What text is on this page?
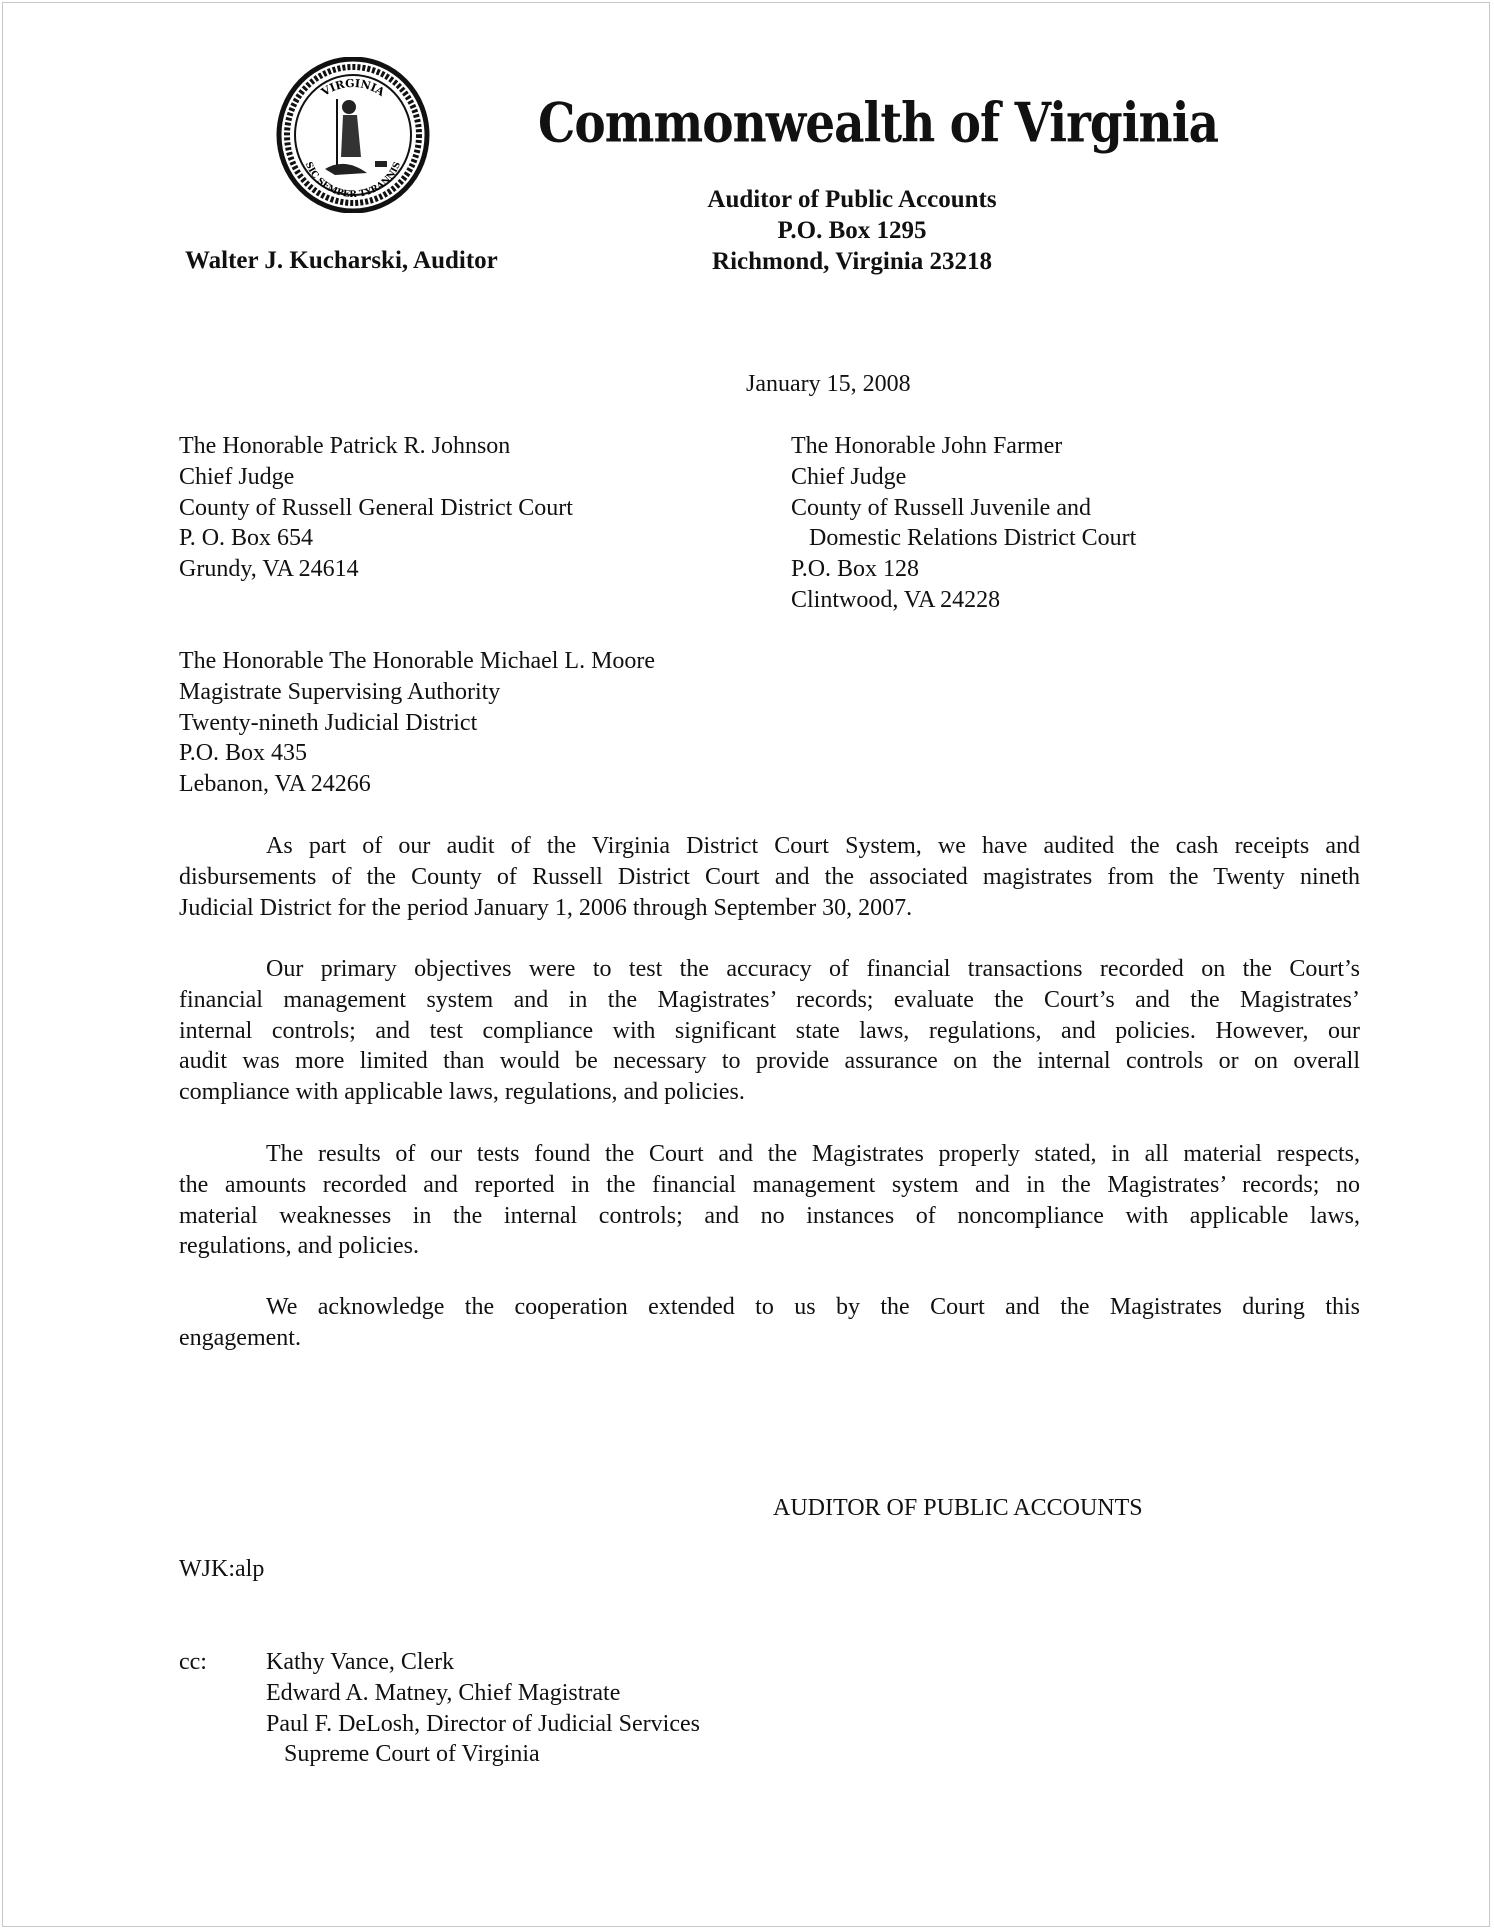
VIRGINIA
SIC SEMPER TYRANNIS
Commonwealth of Virginia
Auditor of Public Accounts
P.O. Box 1295
Richmond, Virginia 23218
Walter J. Kucharski, Auditor
January 15, 2008
The Honorable Patrick R. Johnson
Chief Judge
County of Russell General District Court
P. O. Box 654
Grundy, VA 24614
The Honorable John Farmer
Chief Judge
County of Russell Juvenile and
Domestic Relations District Court
P.O. Box 128
Clintwood, VA 24228
The Honorable The Honorable Michael L. Moore
Magistrate Supervising Authority
Twenty-nineth Judicial District
P.O. Box 435
Lebanon, VA 24266
As part of our audit of the Virginia District Court System, we have audited the cash receipts and
disbursements of the County of Russell District Court and the associated magistrates from the Twenty nineth
Judicial District for the period January 1, 2006 through September 30, 2007.
Our primary objectives were to test the accuracy of financial transactions recorded on the Court’s
financial management system and in the Magistrates’ records; evaluate the Court’s and the Magistrates’
internal controls; and test compliance with significant state laws, regulations, and policies. However, our
audit was more limited than would be necessary to provide assurance on the internal controls or on overall
compliance with applicable laws, regulations, and policies.
The results of our tests found the Court and the Magistrates properly stated, in all material respects,
the amounts recorded and reported in the financial management system and in the Magistrates’ records; no
material weaknesses in the internal controls; and no instances of noncompliance with applicable laws,
regulations, and policies.
We acknowledge the cooperation extended to us by the Court and the Magistrates during this
engagement.
AUDITOR OF PUBLIC ACCOUNTS
WJK:alp
cc: Kathy Vance, Clerk
Edward A. Matney, Chief Magistrate
Paul F. DeLosh, Director of Judicial Services
Supreme Court of Virginia
